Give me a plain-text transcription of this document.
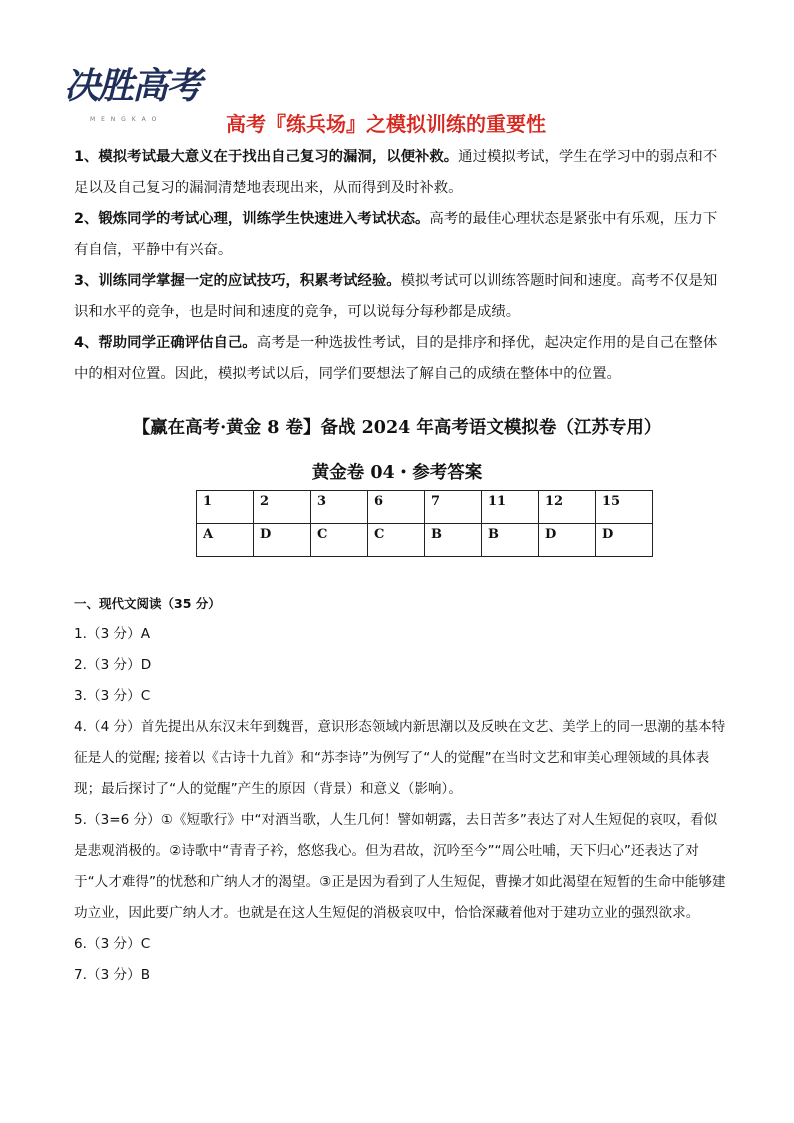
决胜高考
M E N G K A O	高考『练兵场』之模拟训练的重要性

1、模拟考试最大意义在于找出自己复习的漏洞，以便补救。通过模拟考试，学生在学习中的弱点和不足以及自己复习的漏洞清楚地表现出来，从而得到及时补救。

2、锻炼同学的考试心理，训练学生快速进入考试状态。高考的最佳心理状态是紧张中有乐观，压力下有自信，平静中有兴奋。

3、训练同学掌握一定的应试技巧，积累考试经验。模拟考试可以训练答题时间和速度。高考不仅是知识和水平的竞争，也是时间和速度的竞争，可以说每分每秒都是成绩。

4、帮助同学正确评估自己。高考是一种选拔性考试，目的是排序和择优，起决定作用的是自己在整体中的相对位置。因此，模拟考试以后，同学们要想法了解自己的成绩在整体中的位置。

【赢在高考·黄金 8 卷】备战 2024 年高考语文模拟卷（江苏专用）
黄金卷 04・参考答案
1	2	3	6	7	11	12	15
A	D	C	C	B	B	D	D

一、现代文阅读（35 分）

1.（3 分）A

2.（3 分）D

3.（3 分）C

4.（4 分）首先提出从东汉末年到魏晋，意识形态领域内新思潮以及反映在文艺、美学上的同一思潮的基本特征是人的觉醒; 接着以《古诗十九首》和“苏李诗”为例写了“人的觉醒”在当时文艺和审美心理领域的具体表现；最后探讨了“人的觉醒”产生的原因（背景）和意义（影响）。

5.（3=6 分）①《短歌行》中“对酒当歌，人生几何！譬如朝露，去日苦多”表达了对人生短促的哀叹，看似是悲观消极的。②诗歌中“青青子衿，悠悠我心。但为君故，沉吟至今”“周公吐哺，天下归心”还表达了对于“人才难得”的忧愁和广纳人才的渴望。③正是因为看到了人生短促，曹操才如此渴望在短暂的生命中能够建功立业，因此要广纳人才。也就是在这人生短促的消极哀叹中，恰恰深藏着他对于建功立业的强烈欲求。

6.（3 分）C

7.（3 分）B
